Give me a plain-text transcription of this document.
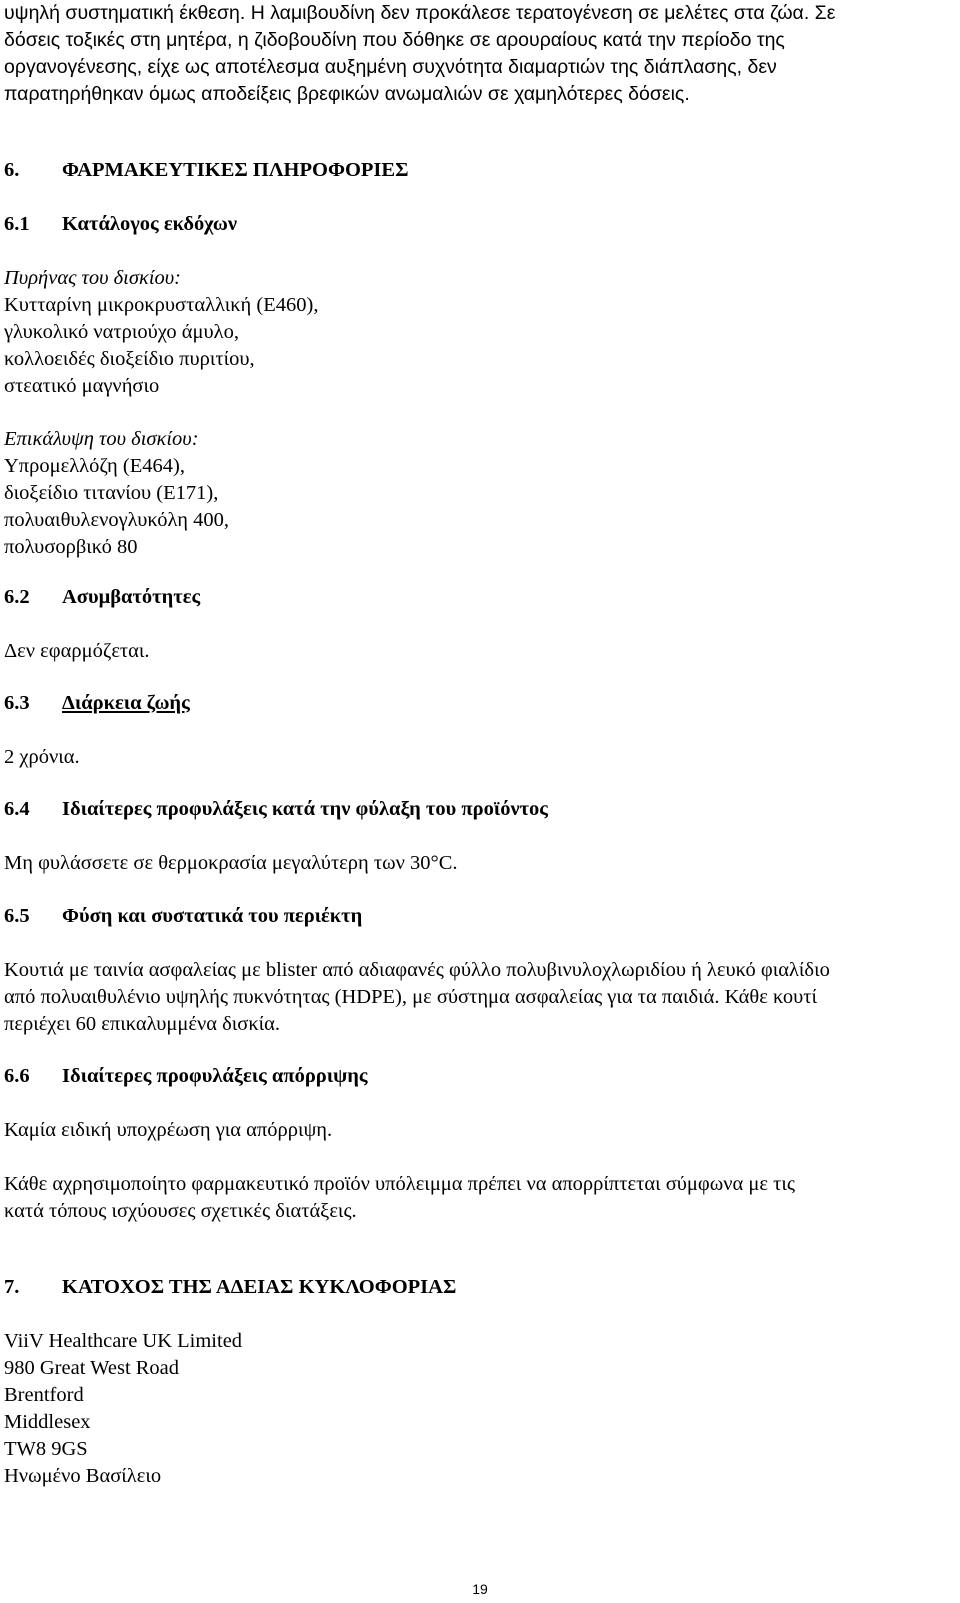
υψηλή συστηματική έκθεση. Η λαμιβουδίνη δεν προκάλεσε τερατογένεση σε μελέτες στα ζώα. Σε
δόσεις τοξικές στη μητέρα, η ζιδοβουδίνη που δόθηκε σε αρουραίους κατά την περίοδο της
οργανογένεσης, είχε ως αποτέλεσμα αυξημένη συχνότητα διαμαρτιών της διάπλασης, δεν
παρατηρήθηκαν όμως αποδείξεις βρεφικών ανωμαλιών σε χαμηλότερες δόσεις.
6. ΦΑΡΜΑΚΕΥΤΙΚΕΣ ΠΛΗΡΟΦΟΡΙΕΣ
6.1 Κατάλογος εκδόχων
Πυρήνας του δισκίου:
Κυτταρίνη μικροκρυσταλλική (E460),
γλυκολικό νατριούχο άμυλο,
κολλοειδές διοξείδιο πυριτίου,
στεατικό μαγνήσιο
Επικάλυψη του δισκίου:
Υπρομελλόζη (E464),
διοξείδιο τιτανίου (E171),
πολυαιθυλενογλυκόλη 400,
πολυσορβικό 80
6.2 Ασυμβατότητες
Δεν εφαρμόζεται.
6.3 Διάρκεια ζωής
2 χρόνια.
6.4 Ιδιαίτερες προφυλάξεις κατά την φύλαξη του προϊόντος
Μη φυλάσσετε σε θερμοκρασία μεγαλύτερη των 30°C.
6.5 Φύση και συστατικά του περιέκτη
Κουτιά με ταινία ασφαλείας με blister από αδιαφανές φύλλο πολυβινυλοχλωριδίου ή λευκό φιαλίδιο
από πολυαιθυλένιο υψηλής πυκνότητας (HDPE), με σύστημα ασφαλείας για τα παιδιά. Κάθε κουτί
περιέχει 60 επικαλυμμένα δισκία.
6.6 Ιδιαίτερες προφυλάξεις απόρριψης
Καμία ειδική υποχρέωση για απόρριψη.
Κάθε αχρησιμοποίητο φαρμακευτικό προϊόν υπόλειμμα πρέπει να απορρίπτεται σύμφωνα με τις
κατά τόπους ισχύουσες σχετικές διατάξεις.
7. ΚΑΤΟΧΟΣ ΤΗΣ ΑΔΕΙΑΣ ΚΥΚΛΟΦΟΡΙΑΣ
ViiV Healthcare UK Limited
980 Great West Road
Brentford
Middlesex
TW8 9GS
Ηνωμένο Βασίλειο
19
